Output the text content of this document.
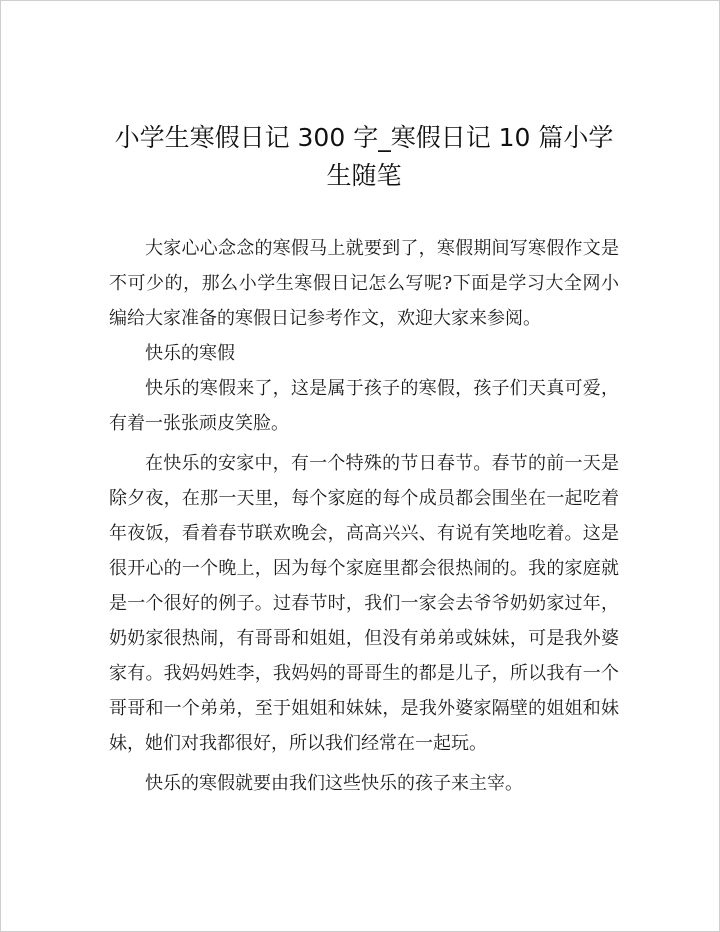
小学生寒假日记 300 字_寒假日记 10 篇小学生随笔

大家心心念念的寒假马上就要到了，寒假期间写寒假作文是不可少的，那么小学生寒假日记怎么写呢?下面是学习大全网小编给大家准备的寒假日记参考作文，欢迎大家来参阅。

快乐的寒假

快乐的寒假来了，这是属于孩子的寒假，孩子们天真可爱，有着一张张顽皮笑脸。

在快乐的安家中，有一个特殊的节日春节。春节的前一天是除夕夜，在那一天里，每个家庭的每个成员都会围坐在一起吃着年夜饭，看着春节联欢晚会，高高兴兴、有说有笑地吃着。这是很开心的一个晚上，因为每个家庭里都会很热闹的。我的家庭就是一个很好的例子。过春节时，我们一家会去爷爷奶奶家过年，奶奶家很热闹，有哥哥和姐姐，但没有弟弟或妹妹，可是我外婆家有。我妈妈姓李，我妈妈的哥哥生的都是儿子，所以我有一个哥哥和一个弟弟，至于姐姐和妹妹，是我外婆家隔壁的姐姐和妹妹，她们对我都很好，所以我们经常在一起玩。

快乐的寒假就要由我们这些快乐的孩子来主宰。
